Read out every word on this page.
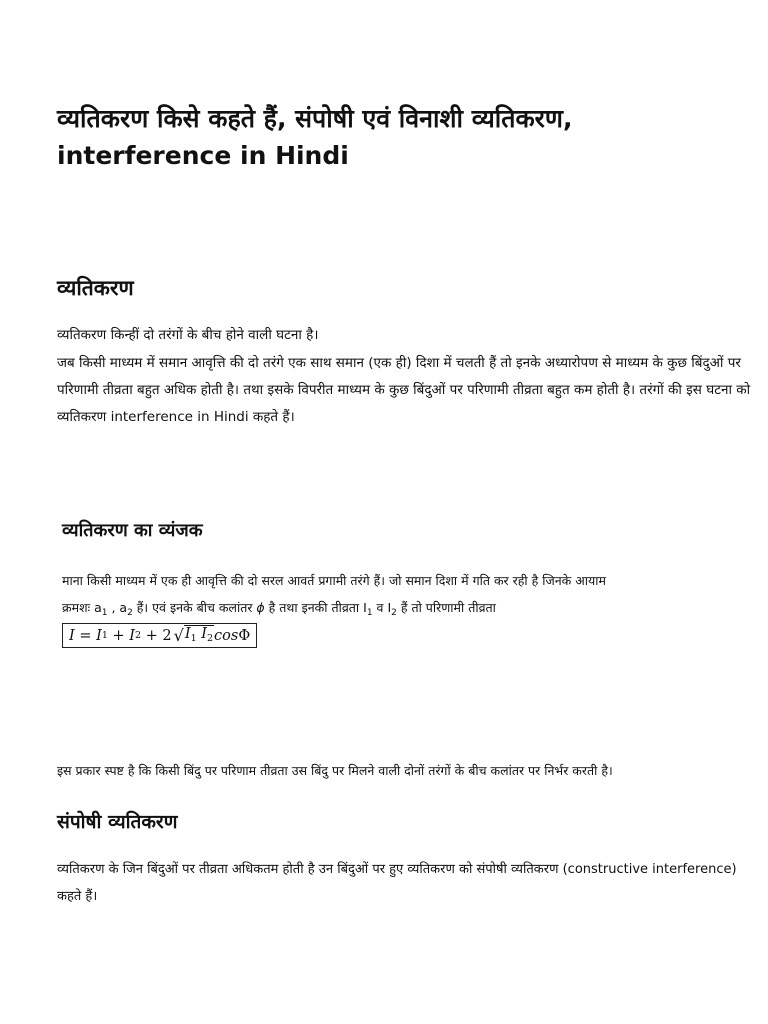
व्यतिकरण किसे कहते हैं, संपोषी एवं विनाशी व्यतिकरण, interference in Hindi
व्यतिकरण

व्यतिकरण किन्हीं दो तरंगों के बीच होने वाली घटना है।

जब किसी माध्यम में समान आवृत्ति की दो तरंगे एक साथ समान (एक ही) दिशा में चलती हैं तो इनके अध्यारोपण से माध्यम के कुछ बिंदुओं पर परिणामी तीव्रता बहुत अधिक होती है। तथा इसके विपरीत माध्यम के कुछ बिंदुओं पर परिणामी तीव्रता बहुत कम होती है। तरंगों की इस घटना को व्यतिकरण interference in Hindi कहते हैं।

व्यतिकरण का व्यंजक

माना किसी माध्यम में एक ही आवृत्ति की दो सरल आवर्त प्रगामी तरंगे हैं। जो समान दिशा में गति कर रही है जिनके आयाम
क्रमशः $a_1$ , $a_2$ हैं। एवं इनके बीच कलांतर ϕ है तथा इनकी तीव्रता $I_1$ व $I_2$ हैं तो परिणामी तीव्रता

I = I 1 + I 2 + 2 √ $I_1$ $I_2$ cos Φ

इस प्रकार स्पष्ट है कि किसी बिंदु पर परिणाम तीव्रता उस बिंदु पर मिलने वाली दोनों तरंगों के बीच कलांतर पर निर्भर करती है।

संपोषी व्यतिकरण

व्यतिकरण के जिन बिंदुओं पर तीव्रता अधिकतम होती है उन बिंदुओं पर हुए व्यतिकरण को संपोषी व्यतिकरण (constructive interference) कहते हैं।
